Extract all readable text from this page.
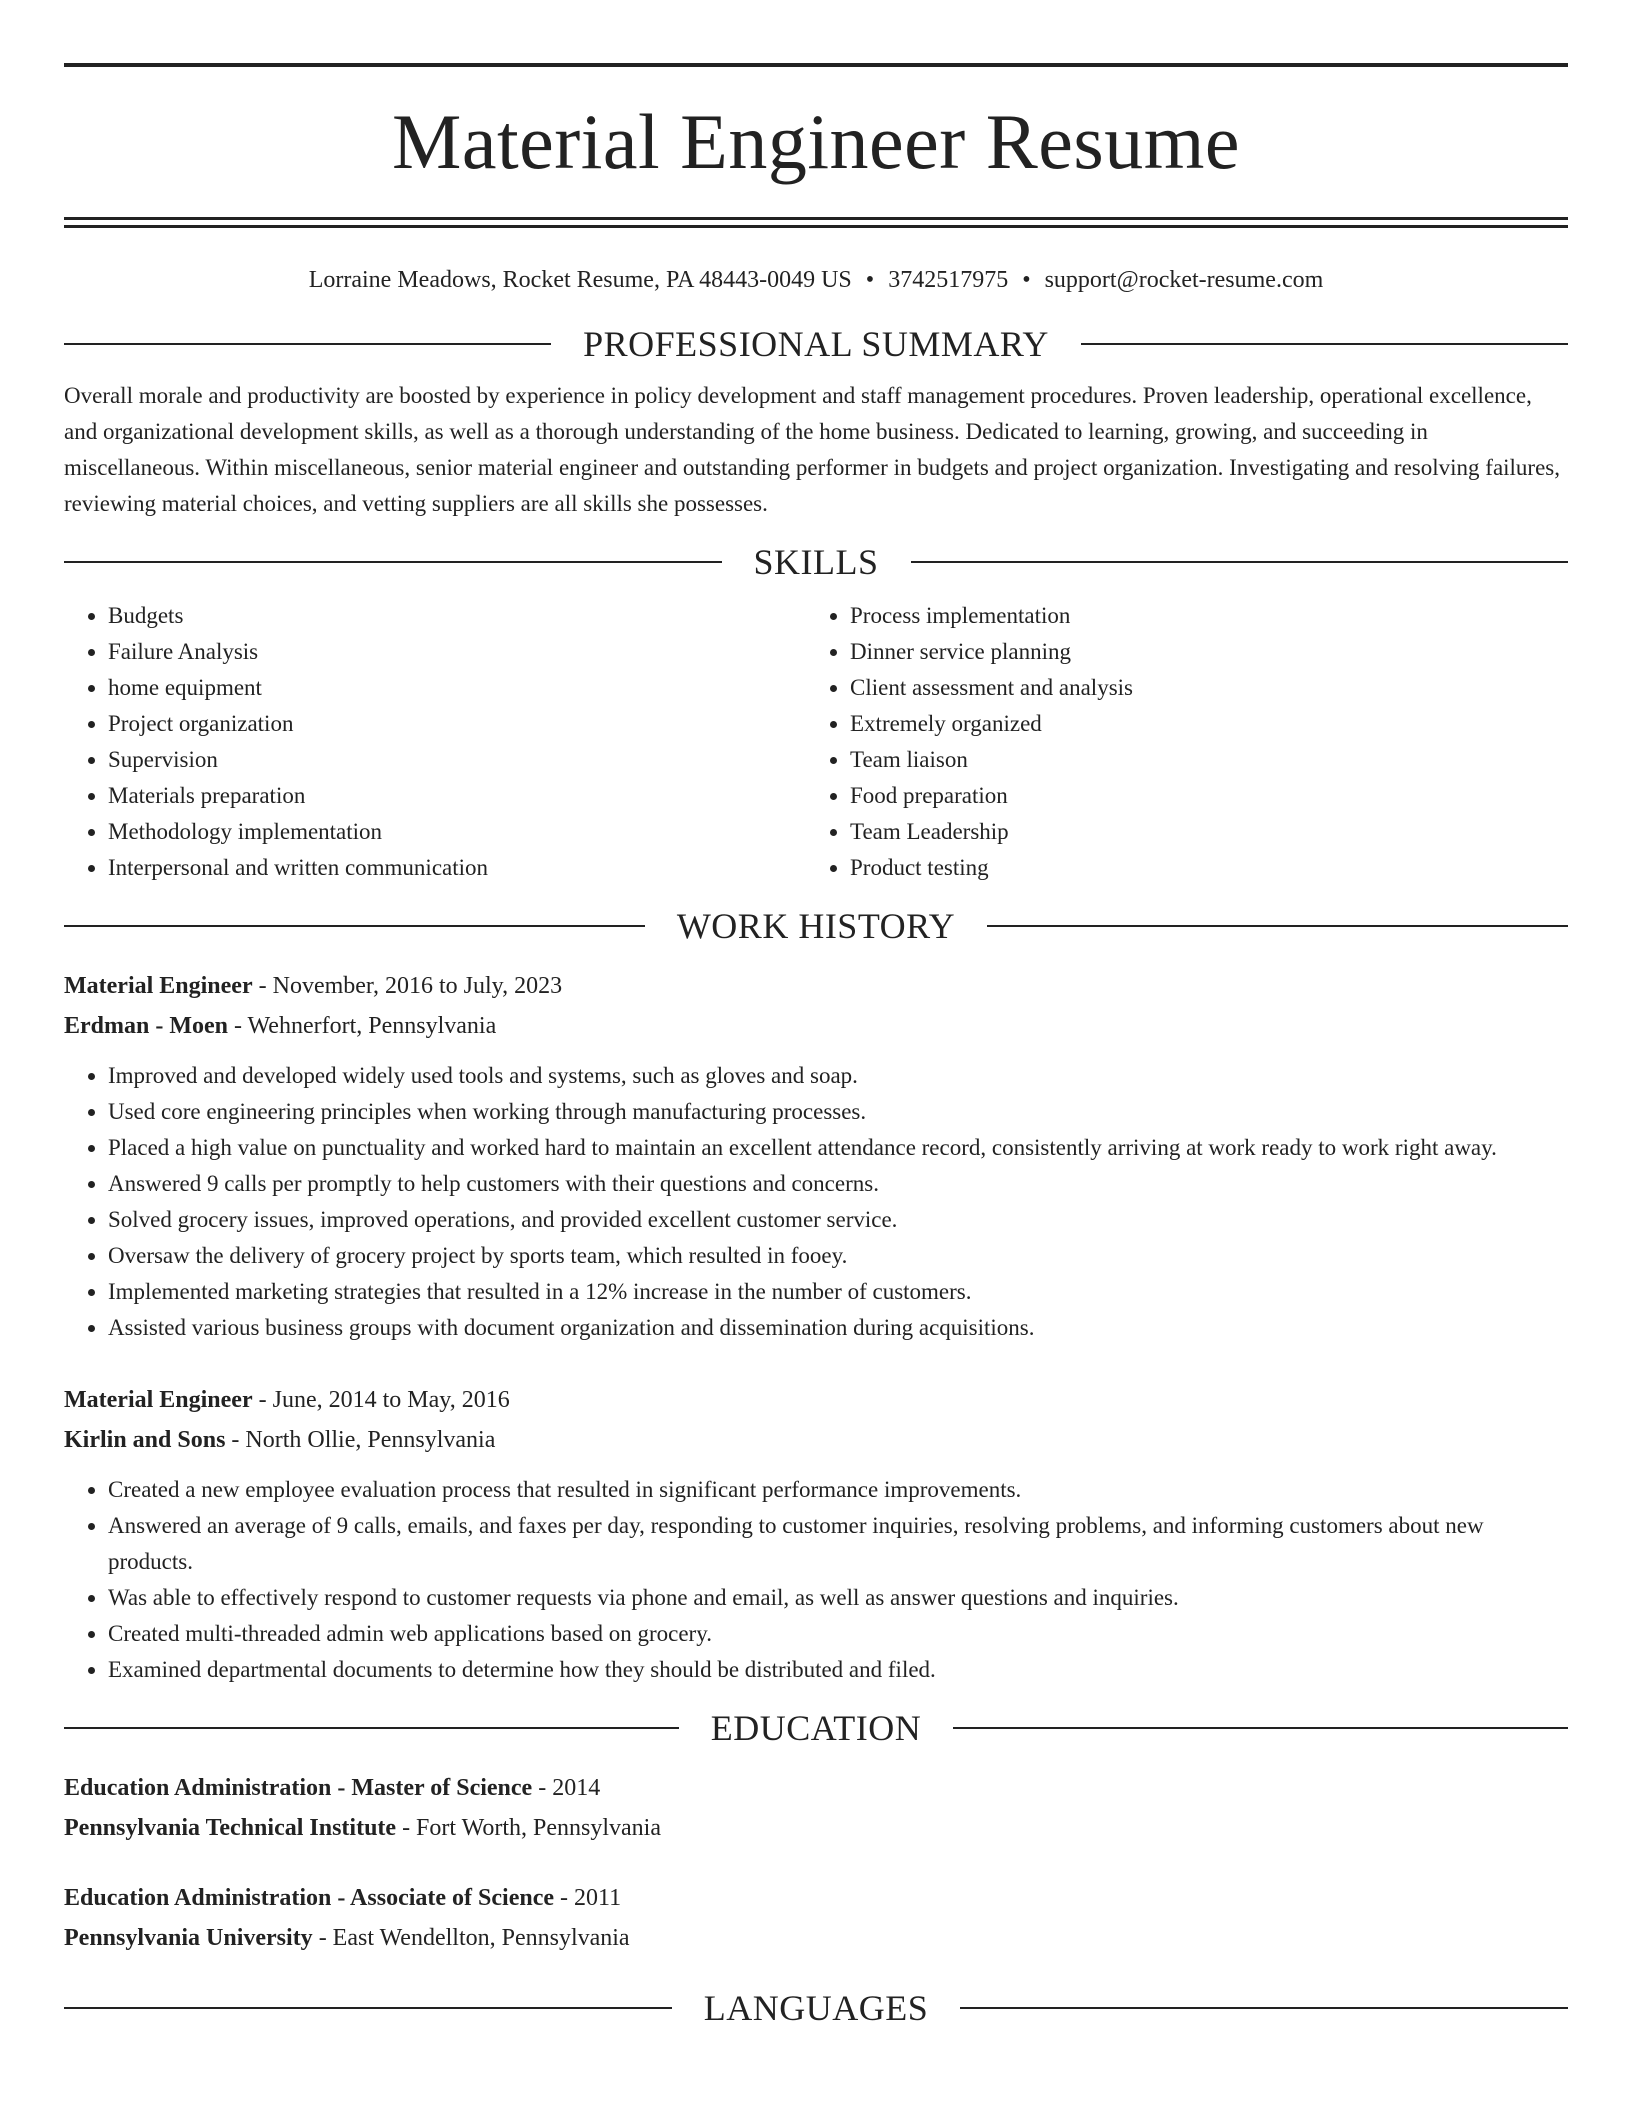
Material Engineer Resume
Lorraine Meadows, Rocket Resume, PA 48443-0049 US • 3742517975 • support@rocket-resume.com
PROFESSIONAL SUMMARY

Overall morale and productivity are boosted by experience in policy development and staff management procedures. Proven leadership, operational excellence, and organizational development skills, as well as a thorough understanding of the home business. Dedicated to learning, growing, and succeeding in miscellaneous. Within miscellaneous, senior material engineer and outstanding performer in budgets and project organization. Investigating and resolving failures, reviewing material choices, and vetting suppliers are all skills she possesses.

SKILLS
• Budgets
• Failure Analysis
• home equipment
• Project organization
• Supervision
• Materials preparation
• Methodology implementation
• Interpersonal and written communication
• Process implementation
• Dinner service planning
• Client assessment and analysis
• Extremely organized
• Team liaison
• Food preparation
• Team Leadership
• Product testing
WORK HISTORY
Material Engineer - November, 2016 to July, 2023
Erdman - Moen - Wehnerfort, Pennsylvania
• Improved and developed widely used tools and systems, such as gloves and soap.
• Used core engineering principles when working through manufacturing processes.
• Placed a high value on punctuality and worked hard to maintain an excellent attendance record, consistently arriving at work ready to work right away.
• Answered 9 calls per promptly to help customers with their questions and concerns.
• Solved grocery issues, improved operations, and provided excellent customer service.
• Oversaw the delivery of grocery project by sports team, which resulted in fooey.
• Implemented marketing strategies that resulted in a 12% increase in the number of customers.
• Assisted various business groups with document organization and dissemination during acquisitions.
Material Engineer - June, 2014 to May, 2016
Kirlin and Sons - North Ollie, Pennsylvania
• Created a new employee evaluation process that resulted in significant performance improvements.
• Answered an average of 9 calls, emails, and faxes per day, responding to customer inquiries, resolving problems, and informing customers about new products.
• Was able to effectively respond to customer requests via phone and email, as well as answer questions and inquiries.
• Created multi-threaded admin web applications based on grocery.
• Examined departmental documents to determine how they should be distributed and filed.
EDUCATION
Education Administration - Master of Science - 2014
Pennsylvania Technical Institute - Fort Worth, Pennsylvania
Education Administration - Associate of Science - 2011
Pennsylvania University - East Wendellton, Pennsylvania
LANGUAGES
